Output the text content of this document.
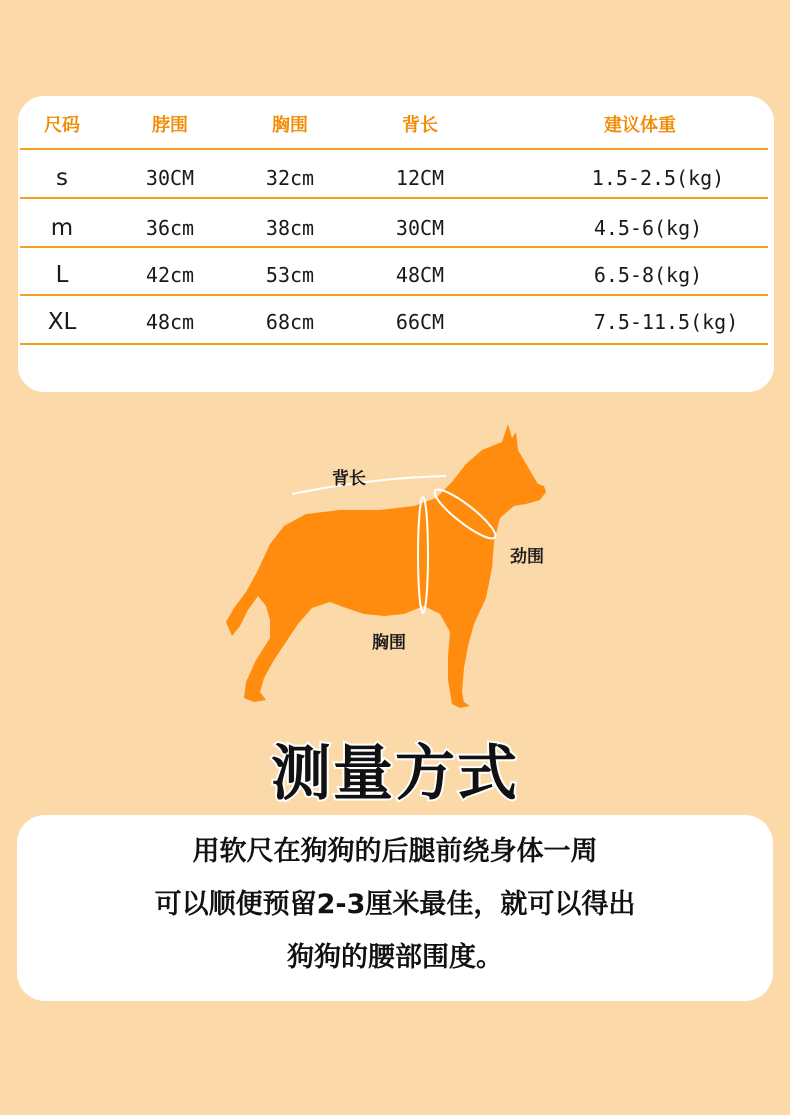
尺码	脖围	胸围	背长	建议体重
s	30CM	32cm	12CM	1.5-2.5(kg)
m	36cm	38cm	30CM	4.5-6(kg)
L	42cm	53cm	48CM	6.5-8(kg)
XL	48cm	68cm	66CM	7.5-11.5(kg)
背长
劲围
胸围
测量方式
用软尺在狗狗的后腿前绕身体一周
可以顺便预留2-3厘米最佳，就可以得出
狗狗的腰部围度。
